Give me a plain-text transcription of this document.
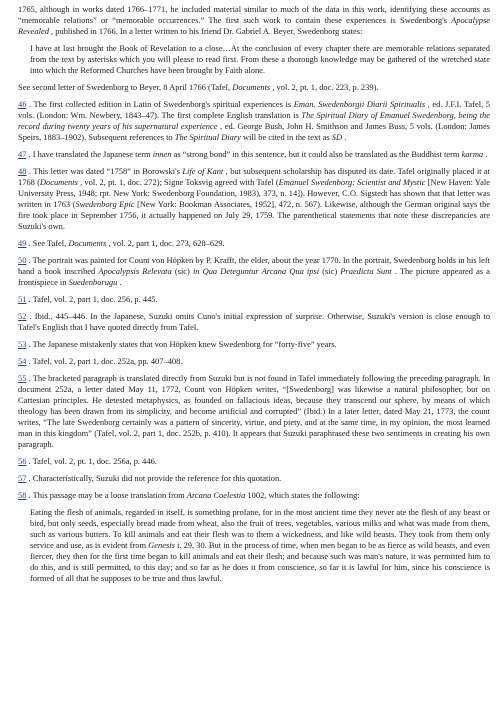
1765, although in works dated 1766–1771, he included material similar to much of the data in this work, identifying these accounts as “memorable relations” or “memorable occurrences.” The first such work to contain these experiences is Swedenborg's Apocalypse Revealed , published in 1766. In a letter written to his friend Dr. Gabriel A. Beyer, Swedenborg states:

I have at last brought the Book of Revelation to a close…At the conclusion of every chapter there are memorable relations separated from the text by asterisks which you will please to read first. From these a thorough knowledge may be gathered of the wretched state into which the Reformed Churches have been brought by Faith alone.

See second letter of Swedenborg to Beyer, 8 April 1766 (Tafel, Documents , vol. 2, pt. 1, doc. 223, p. 239).

46 . The first collected edition in Latin of Swedenborg's spiritual experiences is Eman. Swedenborgii Diarii Spiritualis , ed. J.F.I. Tafel, 5 vols. (London: Wm. Newbery, 1843–47). The first complete English translation is The Spiritual Diary of Emanuel Swedenborg, being the record during twenty years of his supernatural experience , ed. George Bush, John H. Smithson and James Buss, 5 vols. (London: James Speirs, 1883–1902). Subsequent references to The Spiritual Diary will be cited in the text as SD .

47 . I have translated the Japanese term innen as “strong bond” in this sentence, but it could also be translated as the Buddhist term karma .

48 . This letter was dated “1758” in Borowski's Life of Kant , but subsequent scholarship has disputed its date. Tafel originally placed it at 1768 (Documents , vol. 2, pt. 1, doc. 272); Signe Toksvig agreed with Tafel (Emanuel Swedenborg: Scientist and Mystic [New Haven: Yale University Press, 1948; rpt. New York: Swedenborg Foundation, 1983), 373, n. 14]). However, C.O. Sigstedt has shown that that letter was written in 1763 (Swedenborg Epic [New York: Bookman Associates, 1952], 472, n. 567). Likewise, although the German original says the fire took place in September 1756, it actually happened on July 29, 1759. The parenthetical statements that note these discrepancies are Suzuki's own.

49 . See Tafel, Documents , vol. 2, part 1, doc. 273, 628–629.

50 . The portrait was painted for Count von Höpken by P. Krafft, the elder, about the year 1770. In the portrait, Swedenborg holds in his left hand a book inscribed Apocalypsis Relevata (sic) in Qua Deteguntur Arcana Qua ipsi (sic) Praedicta Sunt . The picture appeared as a frontispiece in Suedenborugu .

51 . Tafel, vol. 2, part 1, doc. 256, p. 445.

52 . Ibid., 445–446. In the Japanese, Suzuki omits Cuno's initial expression of surprise. Otherwise, Suzuki's version is close enough to Tafel's English that I have quoted directly from Tafel.

53 . The Japanese mistakenly states that von Höpken knew Swedenborg for “forty-five” years.

54 . Tafel, vol. 2, part 1, doc. 252a, pp. 407–408.

55 . The bracketed paragraph is translated directly from Suzuki but is not found in Tafel immediately following the preceding paragraph. In document 252a, a letter dated May 11, 1772, Count von Höpken writes, “[Swedenborg] was likewise a natural philosopher, but on Cartesian principles. He detested metaphysics, as founded on fallacious ideas, because they transcend our sphere, by means of which theology has been drawn from its simplicity, and become artificial and corrupted” (Ibid.) In a later letter, dated May 21, 1773, the count writes, “The late Swedenborg certainly was a pattern of sincerity, virtue, and piety, and at the same time, in my opinion, the most learned man in this kingdom” (Tafel, vol. 2, part 1, doc. 252b, p. 410). It appears that Suzuki paraphrased these two sentiments in creating his own paragraph.

56 . Tafel, vol. 2, pt. 1, doc. 256a, p. 446.

57 . Characteristically, Suzuki did not provide the reference for this quotation.

58 . This passage may be a loose translation from Arcana Coelestia 1002, which states the following:

Eating the flesh of animals, regarded in itself, is something profane, for in the most ancient time they never ate the flesh of any beast or bird, but only seeds, especially bread made from wheat, also the fruit of trees, vegetables, various milks and what was made from them, such as various butters. To kill animals and eat their flesh was to them a wickedness, and like wild beasts. They took from them only service and use, as is evident from Genesis i. 29, 30. But in the process of time, when men began to be as fierce as wild beasts, and even fiercer, they then for the first time began to kill animals and eat their flesh; and because such was man's nature, it was permitted him to do this, and is still permitted, to this day; and so far as he does it from conscience, so far it is lawful for him, since his conscience is formed of all that he supposes to be true and thus lawful.
